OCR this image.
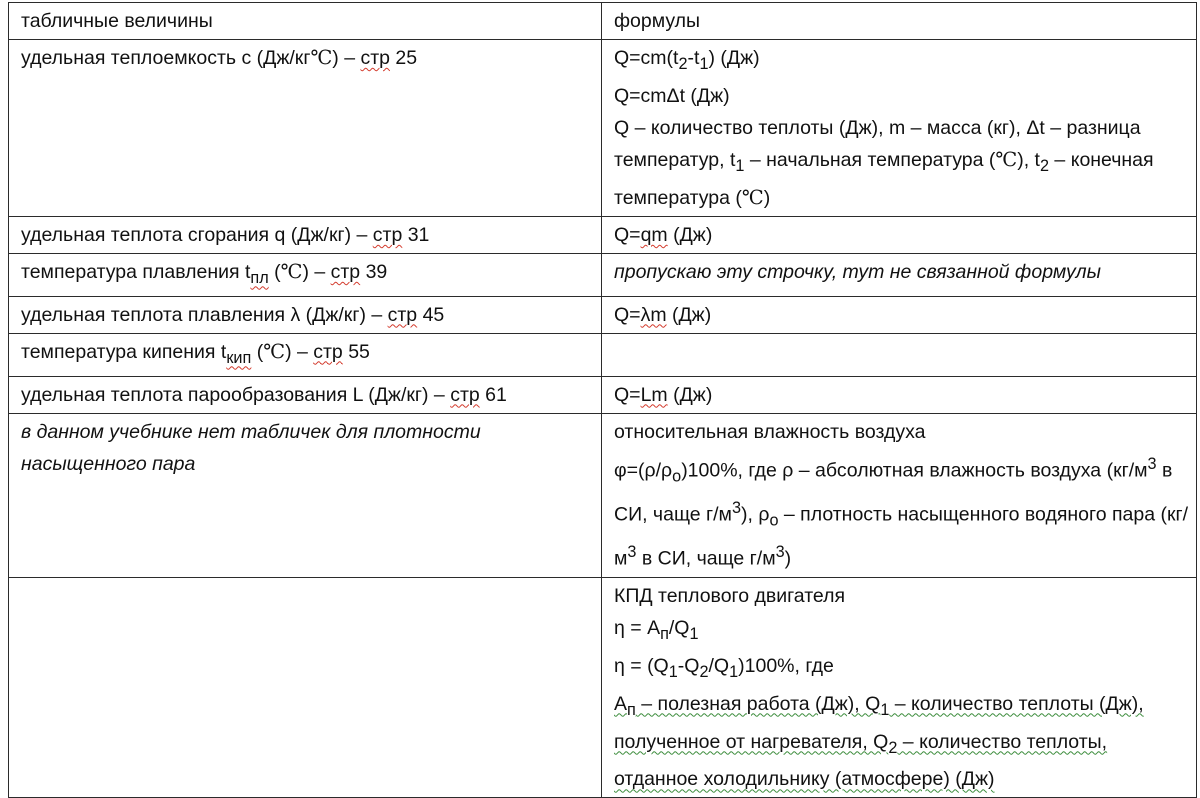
табличные величины	формулы
удельная теплоемкость с (Дж/кг℃) – стр 25	$Q=cm(t_2-t_1)$ (Дж)
Q=cmΔt (Дж)
Q – количество теплоты (Дж), m – масса (кг), Δt – разница температур, $t_1$ – начальная температура (℃), $t_2$ – конечная температура (℃)

удельная теплота сгорания q (Дж/кг) – стр 31	Q=qm (Дж)
температура плавления $t_{пл}$ (℃) – стр 39	пропускаю эту строчку, тут не связанной формулы
удельная теплота плавления λ (Дж/кг) – стр 45	Q=λm (Дж)
температура кипения $t_{кип}$ (℃) – стр 55	
удельная теплота парообразования L (Дж/кг) – стр 61	Q=Lm (Дж)
в данном учебнике нет табличек для плотности насыщенного пара	относительная влажность воздуха
$\varphi=(\rho/\rho_o)100\%$, где ρ – абсолютная влажность воздуха ($кг/м^3$ в СИ, чаще $г/м^3$), $\rho_o$ – плотность насыщенного водяного пара ($кг/м^3$ в СИ, чаще $г/м^3$)

	КПД теплового двигателя
$\eta = A_п/Q_1$
$\eta = (Q_1-Q_2/Q_1)100\%$, где
$A_п$ – полезная работа (Дж), $Q_1$ – количество теплоты (Дж), полученное от нагревателя, $Q_2$ – количество теплоты, отданное холодильнику (атмосфере) (Дж)
